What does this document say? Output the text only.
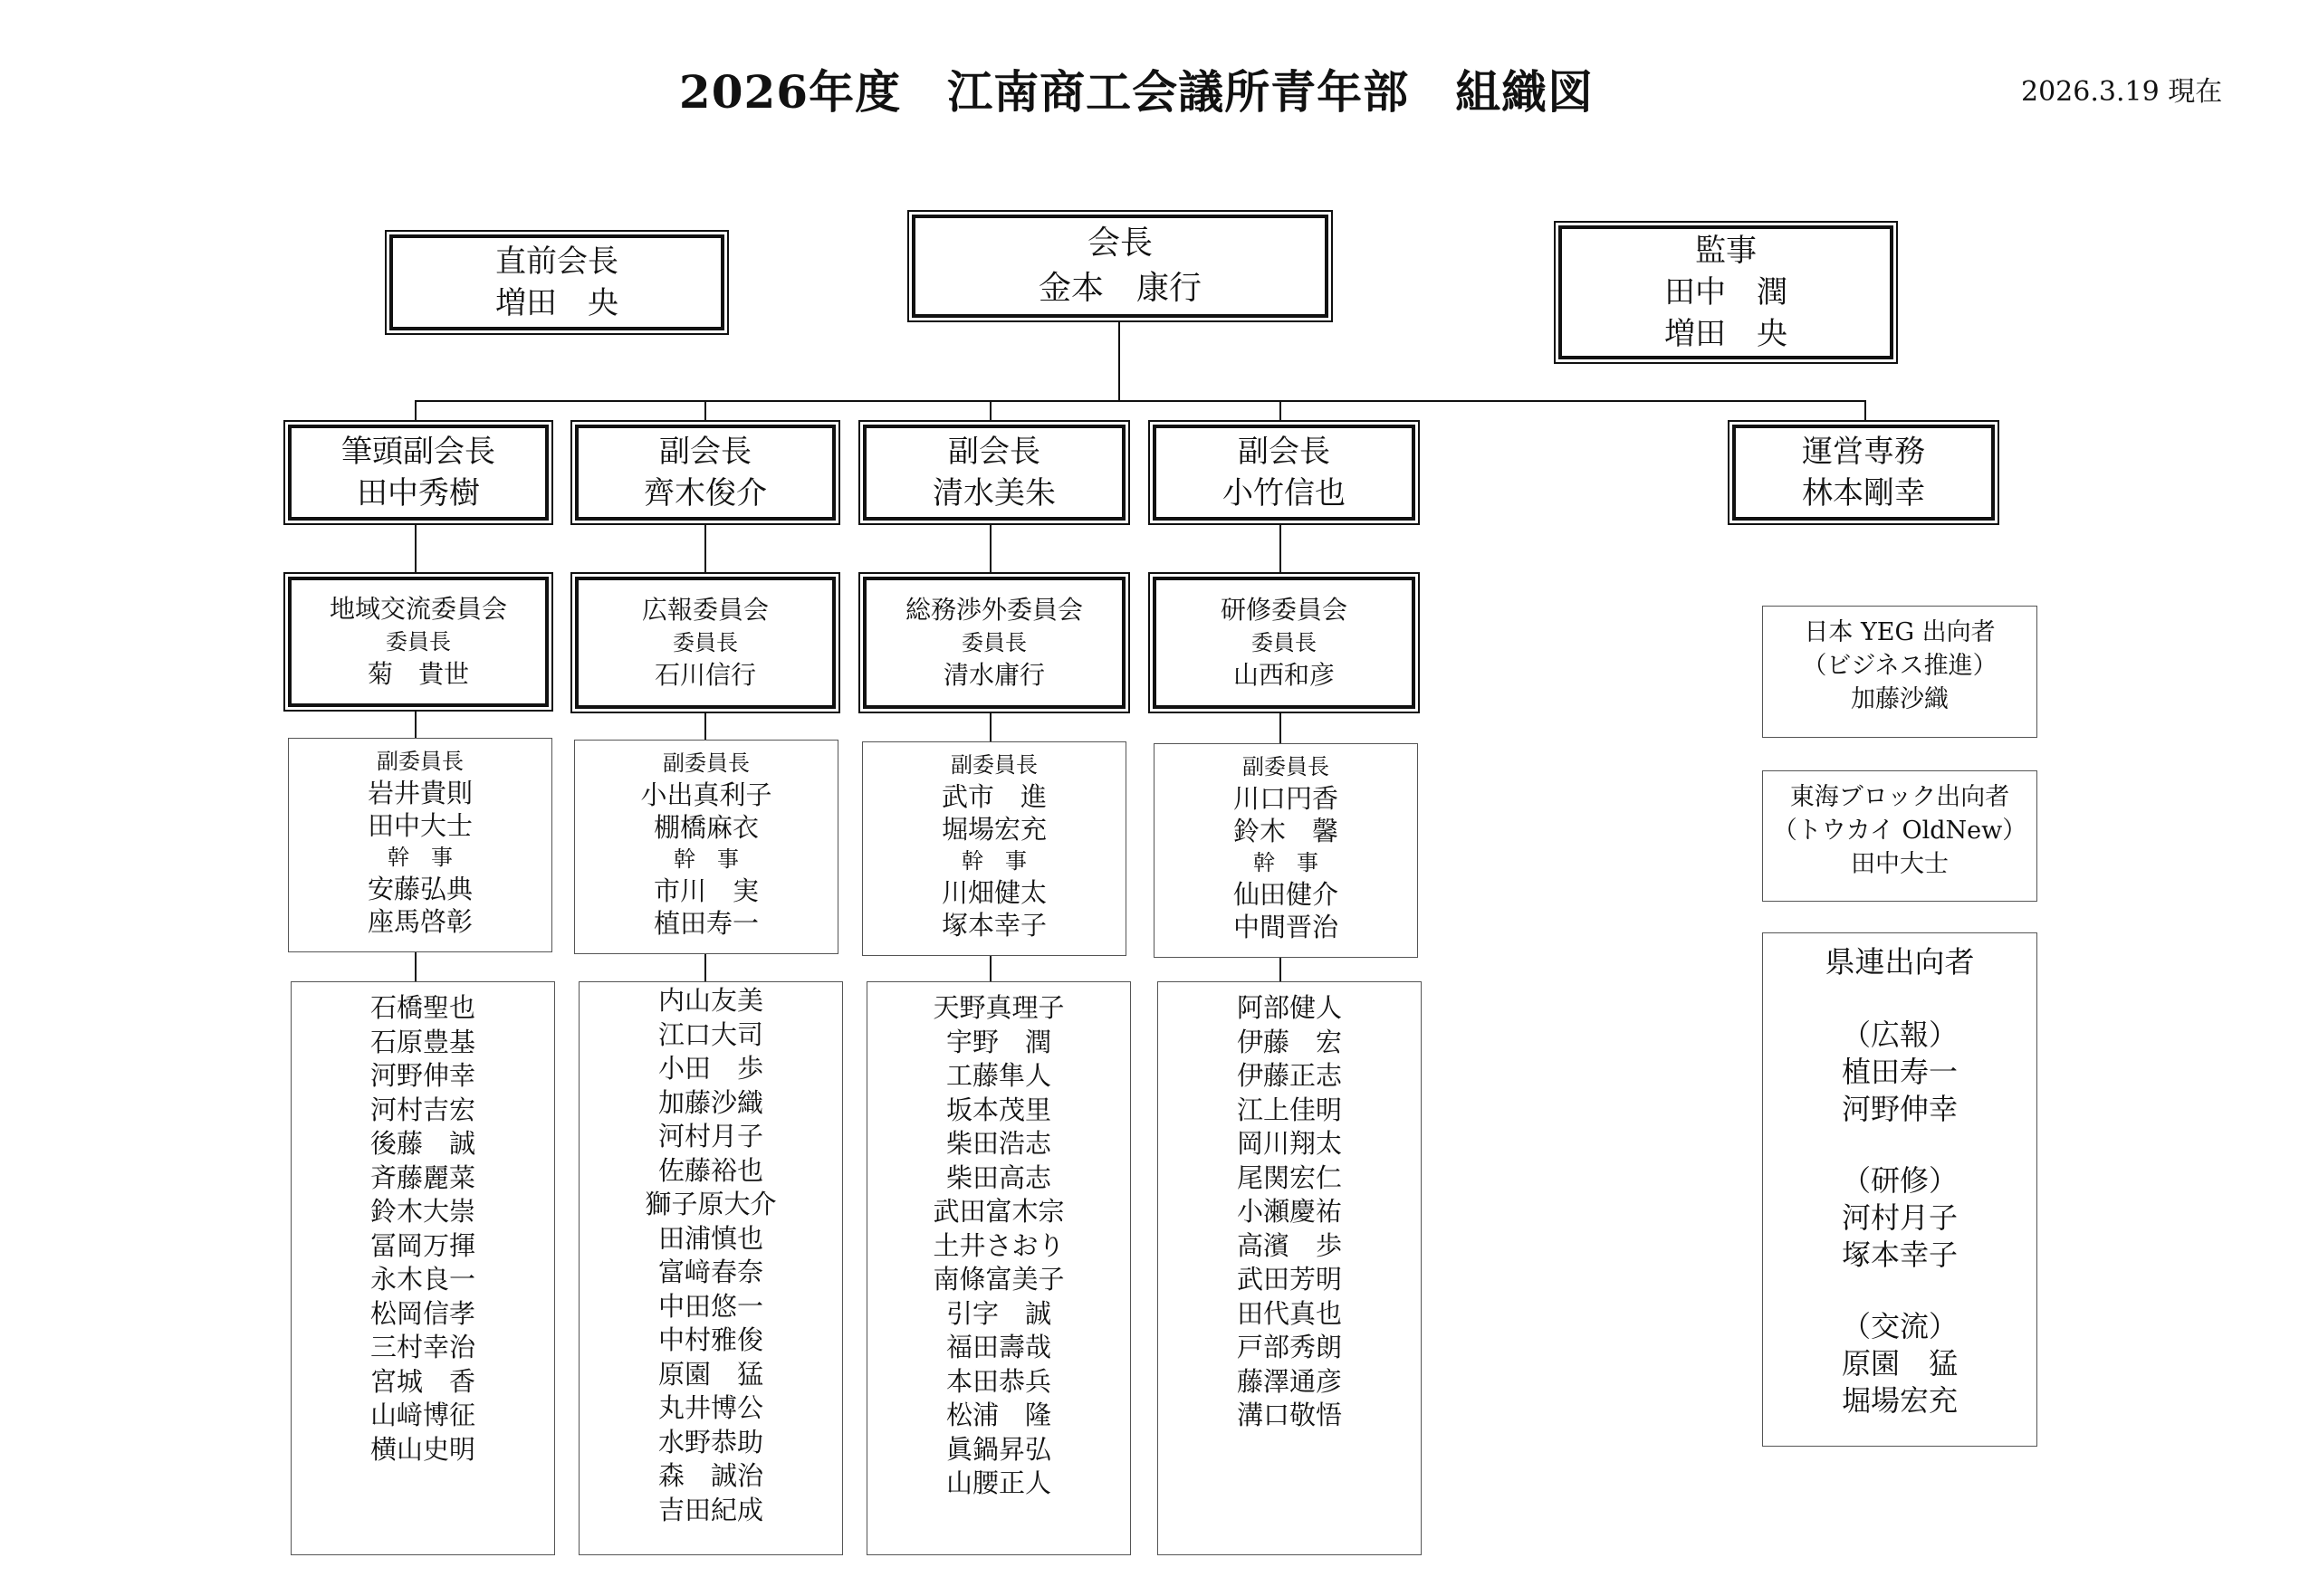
2026年度　江南商工会議所青年部　組織図	2026.3.19 現在
直前会長
増田　央
会長
金本　康行
監事
田中　潤
増田　央
筆頭副会長
田中秀樹
副会長
齊木俊介
副会長
清水美朱
副会長
小竹信也
運営専務
林本剛幸
地域交流委員会
委員長
菊　貴世
広報委員会
委員長
石川信行
総務渉外委員会
委員長
清水庸行
研修委員会
委員長
山西和彦
副委員長
岩井貴則
田中大士
幹　事
安藤弘典
座馬啓彰
副委員長
小出真利子
棚橋麻衣
幹　事
市川　実
植田寿一
副委員長
武市　進
堀場宏充
幹　事
川畑健太
塚本幸子
副委員長
川口円香
鈴木　馨
幹　事
仙田健介
中間晋治
石橋聖也
石原豊基
河野伸幸
河村吉宏
後藤　誠
斉藤麗菜
鈴木大崇
冨岡万揮
永木良一
松岡信孝
三村幸治
宮城　香
山﨑博征
横山史明
内山友美
江口大司
小田　歩
加藤沙織
河村月子
佐藤裕也
獅子原大介
田浦慎也
富﨑春奈
中田悠一
中村雅俊
原園　猛
丸井博公
水野恭助
森　誠治
吉田紀成
天野真理子
宇野　潤
工藤隼人
坂本茂里
柴田浩志
柴田高志
武田富木宗
土井さおり
南條富美子
引字　誠
福田壽哉
本田恭兵
松浦　隆
眞鍋昇弘
山腰正人
阿部健人
伊藤　宏
伊藤正志
江上佳明
岡川翔太
尾関宏仁
小瀬慶祐
高濱　歩
武田芳明
田代真也
戸部秀朗
藤澤通彦
溝口敬悟
日本 YEG 出向者
（ビジネス推進）
加藤沙織
東海ブロック出向者
（トウカイ OldNew）
田中大士
県連出向者
（広報）
植田寿一
河野伸幸
（研修）
河村月子
塚本幸子
（交流）
原園　猛
堀場宏充
